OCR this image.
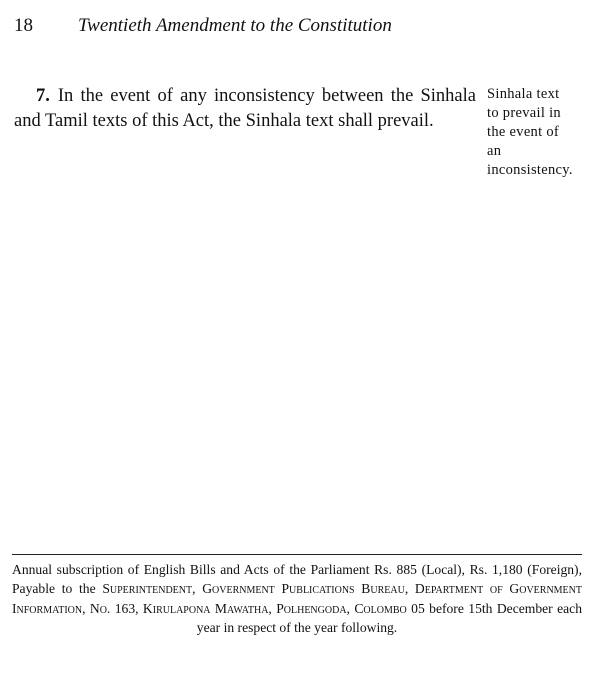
18 Twentieth Amendment to the Constitution
7. In the event of any inconsistency between the Sinhala
and Tamil texts of this Act, the Sinhala text shall prevail.
Sinhala text
to prevail in
the event of
an
inconsistency.
Annual subscription of English Bills and Acts of the Parliament Rs. 885 (Local), Rs. 1,180 (Foreign), Payable to the Superintendent, Government Publications Bureau, Department of Government Information, No. 163, Kirulapona Mawatha, Polhengoda, Colombo 05 before 15th December each year in respect of the year following.
